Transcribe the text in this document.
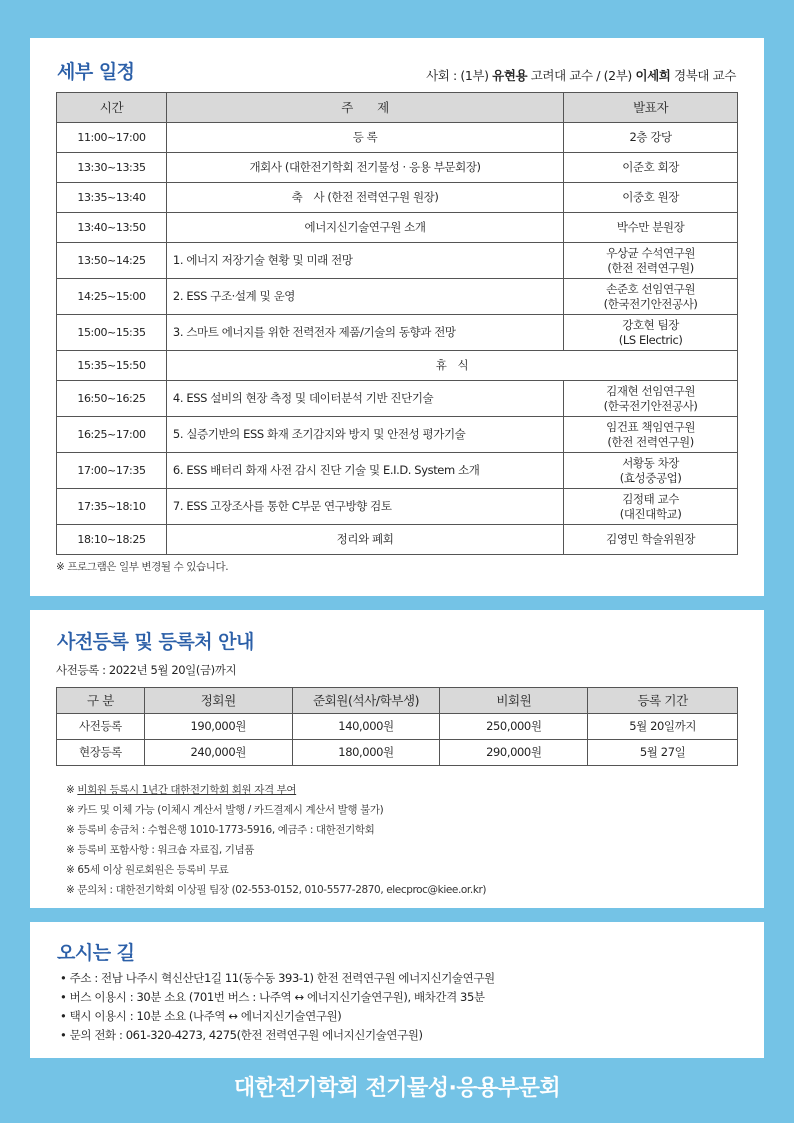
세부 일정	사회 : (1부) 유현용 고려대 교수 / (2부) 이세희 경북대 교수
시간	주　　제	발표자
11:00~17:00	등 록	2층 강당

13:30~13:35	개회사 (대한전기학회 전기물성 · 응용 부문회장)	이준호 회장

13:35~13:40	축　사 (한전 전력연구원 원장)	이중호 원장

13:40~13:50	에너지신기술연구원 소개	박수만 분원장

13:50~14:25	1. 에너지 저장기술 현황 및 미래 전망	우상균 수석연구원
(한전 전력연구원)

14:25~15:00	2. ESS 구조·설계 및 운영	손준호 선임연구원
(한국전기안전공사)

15:00~15:35	3. 스마트 에너지를 위한 전력전자 제품/기술의 동향과 전망	강호현 팀장
(LS Electric)

15:35~15:50	휴　식	
16:50~16:25	4. ESS 설비의 현장 측정 및 데이터분석 기반 진단기술	김재현 선임연구원
(한국전기안전공사)

16:25~17:00	5. 실증기반의 ESS 화재 조기감지와 방지 및 안전성 평가기술	임건표 책임연구원
(한전 전력연구원)

17:00~17:35	6. ESS 배터리 화재 사전 감시 진단 기술 및 E.I.D. System 소개	서황동 차장
(효성중공업)

17:35~18:10	7. ESS 고장조사를 통한 C부문 연구방향 검토	김정태 교수
(대진대학교)

18:10~18:25	정리와 폐회	김영민 학술위원장
※ 프로그램은 일부 변경될 수 있습니다.
사전등록 및 등록처 안내
사전등록 : 2022년 5월 20일(금)까지
구 분	정회원	준회원(석사/학부생)	비회원	등록 기간
사전등록	190,000원	140,000원	250,000원	5월 20일까지
현장등록	240,000원	180,000원	290,000원	5월 27일
※ 비회원 등록시 1년간 대한전기학회 회원 자격 부여
※ 카드 및 이체 가능 (이체시 계산서 발행 / 카드결제시 계산서 발행 불가)
※ 등록비 송금처 : 수협은행 1010-1773-5916, 예금주 : 대한전기학회
※ 등록비 포함사항 : 워크숍 자료집, 기념품
※ 65세 이상 원로회원은 등록비 무료
※ 문의처 : 대한전기학회 이상필 팀장 (02-553-0152, 010-5577-2870, elecproc@kiee.or.kr)
오시는 길
• 주소 : 전남 나주시 혁신산단1길 11(동수동 393-1) 한전 전력연구원 에너지신기술연구원
• 버스 이용시 : 30분 소요 (701번 버스 : 나주역 ↔ 에너지신기술연구원), 배차간격 35분
• 택시 이용시 : 10분 소요 (나주역 ↔ 에너지신기술연구원)
• 문의 전화 : 061-320-4273, 4275(한전 전력연구원 에너지신기술연구원)
대한전기학회 전기물성·응용부문회
